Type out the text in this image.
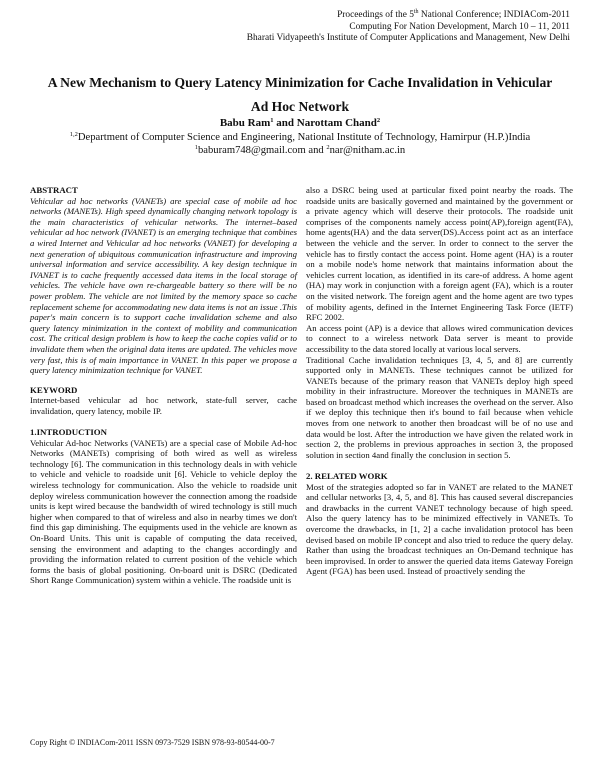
Proceedings of the 5th National Conference; INDIACom-2011
Computing For Nation Development, March 10 – 11, 2011
Bharati Vidyapeeth's Institute of Computer Applications and Management, New Delhi
A New Mechanism to Query Latency Minimization for Cache Invalidation in Vehicular
Ad Hoc Network
Babu Ram$^1$ and Narottam Chand$^2$
$^{1,2}$Department of Computer Science and Engineering, National Institute of Technology, Hamirpur (H.P.)India
$^1$baburam748@gmail.com and $^2$nar@nitham.ac.in

ABSTRACT

Vehicular ad hoc networks (VANETs) are special case of mobile ad hoc networks (MANETs). High speed dynamically changing network topology is the main characteristics of vehicular networks. The internet–based vehicular ad hoc network (IVANET) is an emerging technique that combines a wired Internet and Vehicular ad hoc networks (VANET) for developing a next generation of ubiquitous communication infrastructure and improving universal information and service accessibility. A key design technique in IVANET is to cache frequently accessed data items in the local storage of vehicles. The vehicle have own re-chargeable battery so there will be no power problem. The vehicle are not limited by the memory space so cache replacement scheme for accommodating new data items is not an issue .This paper's main concern is to support cache invalidation scheme and also query latency minimization in the context of mobility and communication cost. The critical design problem is how to keep the cache copies valid or to invalidate them when the original data items are updated. The vehicles move very fast, this is of main importance in VANET. In this paper we propose a query latency minimization technique for VANET.

KEYWORD

Internet-based vehicular ad hoc network, state-full server, cache invalidation, query latency, mobile IP.

1.INTRODUCTION

Vehicular Ad-hoc Networks (VANETs) are a special case of Mobile Ad-hoc Networks (MANETs) comprising of both wired as well as wireless technology [6]. The communication in this technology deals in with vehicle to vehicle and vehicle to roadside unit [6]. Vehicle to vehicle deploy the wireless technology for communication. Also the vehicle to roadside unit deploy wireless communication however the connection among the roadside units is kept wired because the bandwidth of wired technology is still much higher when compared to that of wireless and also in nearby times we don't find this gap diminishing. The equipments used in the vehicle are known as On-Board Units. This unit is capable of computing the data received, sensing the environment and adapting to the changes accordingly and providing the information related to current position of the vehicle which forms the basis of global positioning. On-board unit is DSRC (Dedicated Short Range Communication) system within a vehicle. The roadside unit is

also a DSRC being used at particular fixed point nearby the roads. The roadside units are basically governed and maintained by the government or a private agency which will deserve their protocols. The roadside unit comprises of the components namely access point(AP),foreign agent(FA), home agents(HA) and the data server(DS).Access point act as an interface between the vehicle and the server. In order to connect to the server the vehicle has to firstly contact the access point. Home agent (HA) is a router on a mobile node's home network that maintains information about the vehicles current location, as identified in its care-of address. A home agent (HA) may work in conjunction with a foreign agent (FA), which is a router on the visited network. The foreign agent and the home agent are two types of mobility agents, defined in the Internet Engineering Task Force (IETF) RFC 2002.

An access point (AP) is a device that allows wired communication devices to connect to a wireless network Data server is meant to provide accessibility to the data stored locally at various local servers.

Traditional Cache invalidation techniques [3, 4, 5, and 8] are currently supported only in MANETs. These techniques cannot be utilized for VANETs because of the primary reason that VANETs deploy high speed mobility in their infrastructure. Moreover the techniques in MANETs are based on broadcast method which increases the overhead on the server. Also if we deploy this technique then it's bound to fail because when vehicle moves from one network to another then broadcast will be of no use and data would be lost. After the introduction we have given the related work in section 2, the problems in previous approaches in section 3, the proposed solution in section 4and finally the conclusion in section 5.

2. RELATED WORK

Most of the strategies adopted so far in VANET are related to the MANET and cellular networks [3, 4, 5, and 8]. This has caused several discrepancies and drawbacks in the current VANET technology because of high speed. Also the query latency has to be minimized effectively in VANETs. To overcome the drawbacks, in [1, 2] a cache invalidation protocol has been devised based on mobile IP concept and also tried to reduce the query delay. Rather than using the broadcast techniques an On-Demand technique has been improvised. In order to answer the queried data items Gateway Foreign Agent (FGA) has been used. Instead of proactively sending the

Copy Right © INDIACom-2011 ISSN 0973-7529 ISBN 978-93-80544-00-7
